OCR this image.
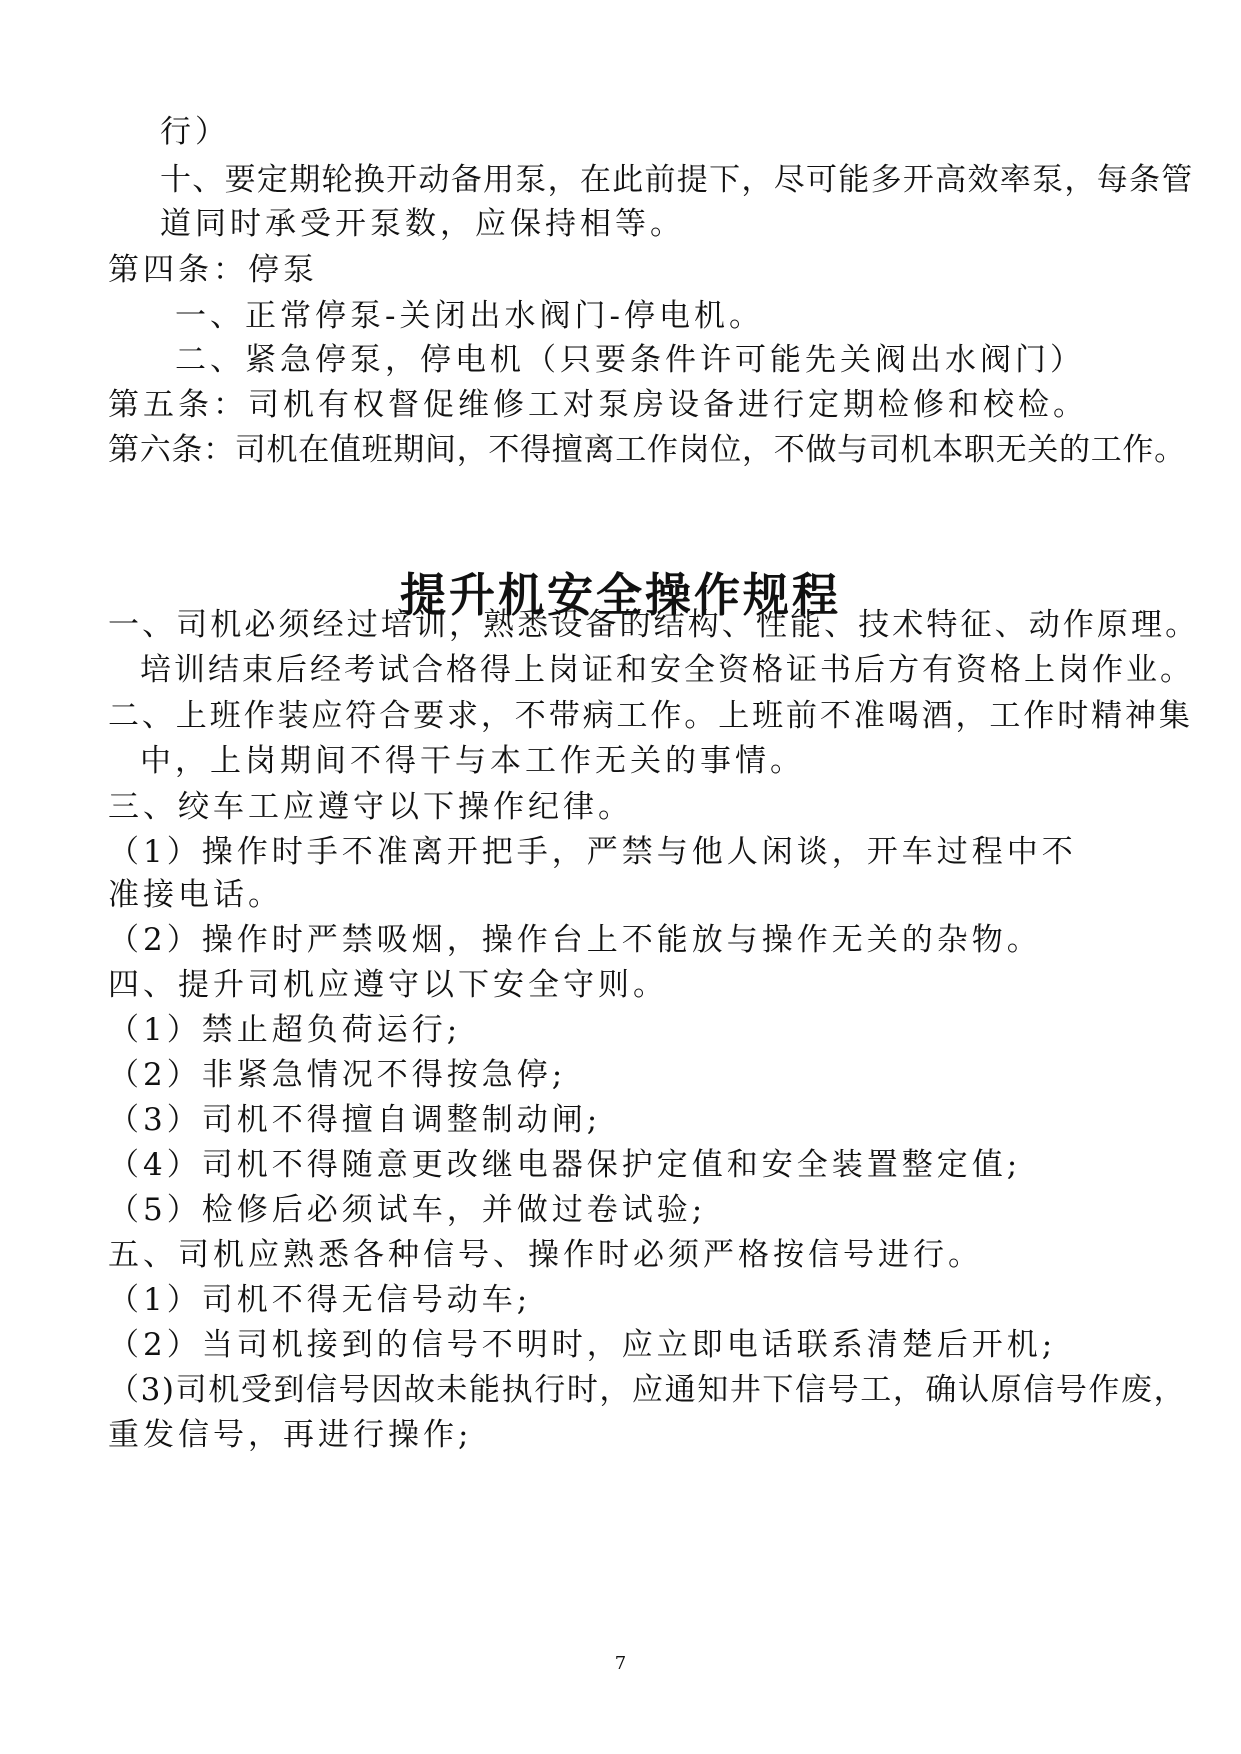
行）
十、要定期轮换开动备用泵，在此前提下，尽可能多开高效率泵，每条管
道同时承受开泵数，应保持相等。
第四条：停泵
一、正常停泵-关闭出水阀门-停电机。
二、紧急停泵，停电机（只要条件许可能先关阀出水阀门）
第五条：司机有权督促维修工对泵房设备进行定期检修和校检。
第六条：司机在值班期间，不得擅离工作岗位，不做与司机本职无关的工作。
提升机安全操作规程
一、司机必须经过培训，熟悉设备的结构、性能、技术特征、动作原理。
培训结束后经考试合格得上岗证和安全资格证书后方有资格上岗作业。
二、上班作装应符合要求，不带病工作。上班前不准喝酒，工作时精神集
中，上岗期间不得干与本工作无关的事情。
三、绞车工应遵守以下操作纪律。
（1）操作时手不准离开把手，严禁与他人闲谈，开车过程中不
准接电话。
（2）操作时严禁吸烟，操作台上不能放与操作无关的杂物。
四、提升司机应遵守以下安全守则。
（1）禁止超负荷运行;
（2）非紧急情况不得按急停;
（3）司机不得擅自调整制动闸;
（4）司机不得随意更改继电器保护定值和安全装置整定值;
（5）检修后必须试车，并做过卷试验;
五、司机应熟悉各种信号、操作时必须严格按信号进行。
（1）司机不得无信号动车;
（2）当司机接到的信号不明时，应立即电话联系清楚后开机;
（3)司机受到信号因故未能执行时，应通知井下信号工，确认原信号作废，
重发信号，再进行操作;
7
